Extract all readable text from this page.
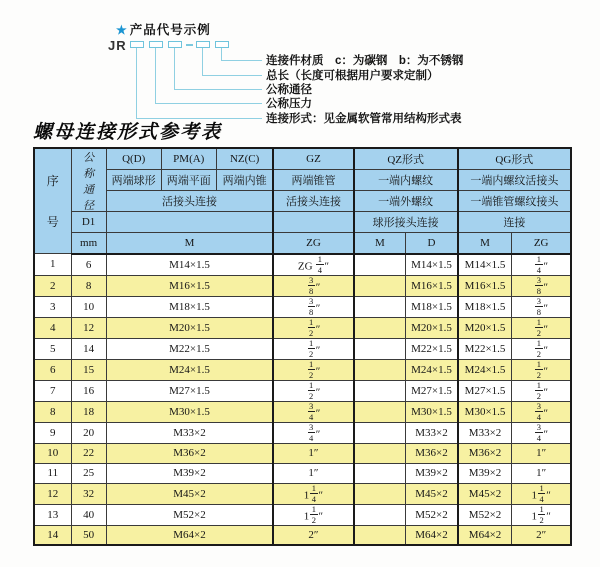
★ 产品代号示例
JR
连接件材质　c：为碳钢　b：为不锈钢
总长（长度可根据用户要求定制）
公称通径
公称压力
连接形式：见金属软管常用结构形式表
螺母连接形式参考表
序
号	公
称
通
径	Q(D)	PM(A)	NZ(C)	GZ	QZ形式		QG形式	
		两端球形	两端平面	两端内锥	两端锥管	一端内螺纹		一端内螺纹活接头	
		活接头连接			活接头连接	一端外螺纹		一端锥管螺纹接头	
	D1					球形接头连接		连接	
	mm	M			ZG	M	D	M	ZG
1	6	M14×1.5			ZG $\frac{1}{4}$ ″		M14×1.5	M14×1.5	$\frac{1}{4}$ ″
2	8	M16×1.5			$\frac{3}{8}$ ″		M16×1.5	M16×1.5	$\frac{3}{8}$ ″
3	10	M18×1.5			$\frac{3}{8}$ ″		M18×1.5	M18×1.5	$\frac{3}{8}$ ″
4	12	M20×1.5			$\frac{1}{2}$ ″		M20×1.5	M20×1.5	$\frac{1}{2}$ ″
5	14	M22×1.5			$\frac{1}{2}$ ″		M22×1.5	M22×1.5	$\frac{1}{2}$ ″
6	15	M24×1.5			$\frac{1}{2}$ ″		M24×1.5	M24×1.5	$\frac{1}{2}$ ″
7	16	M27×1.5			$\frac{1}{2}$ ″		M27×1.5	M27×1.5	$\frac{1}{2}$ ″
8	18	M30×1.5			$\frac{3}{4}$ ″		M30×1.5	M30×1.5	$\frac{3}{4}$ ″
9	20	M33×2			$\frac{3}{4}$ ″		M33×2	M33×2	$\frac{3}{4}$ ″
10	22	M36×2			1″		M36×2	M36×2	1″
11	25	M39×2			1″		M39×2	M39×2	1″
12	32	M45×2			$1 \frac{1}{4}$ ″		M45×2	M45×2	$1 \frac{1}{4}$ ″
13	40	M52×2			$1 \frac{1}{2}$ ″		M52×2	M52×2	$1 \frac{1}{2}$ ″
14	50	M64×2			2″		M64×2	M64×2	2″
